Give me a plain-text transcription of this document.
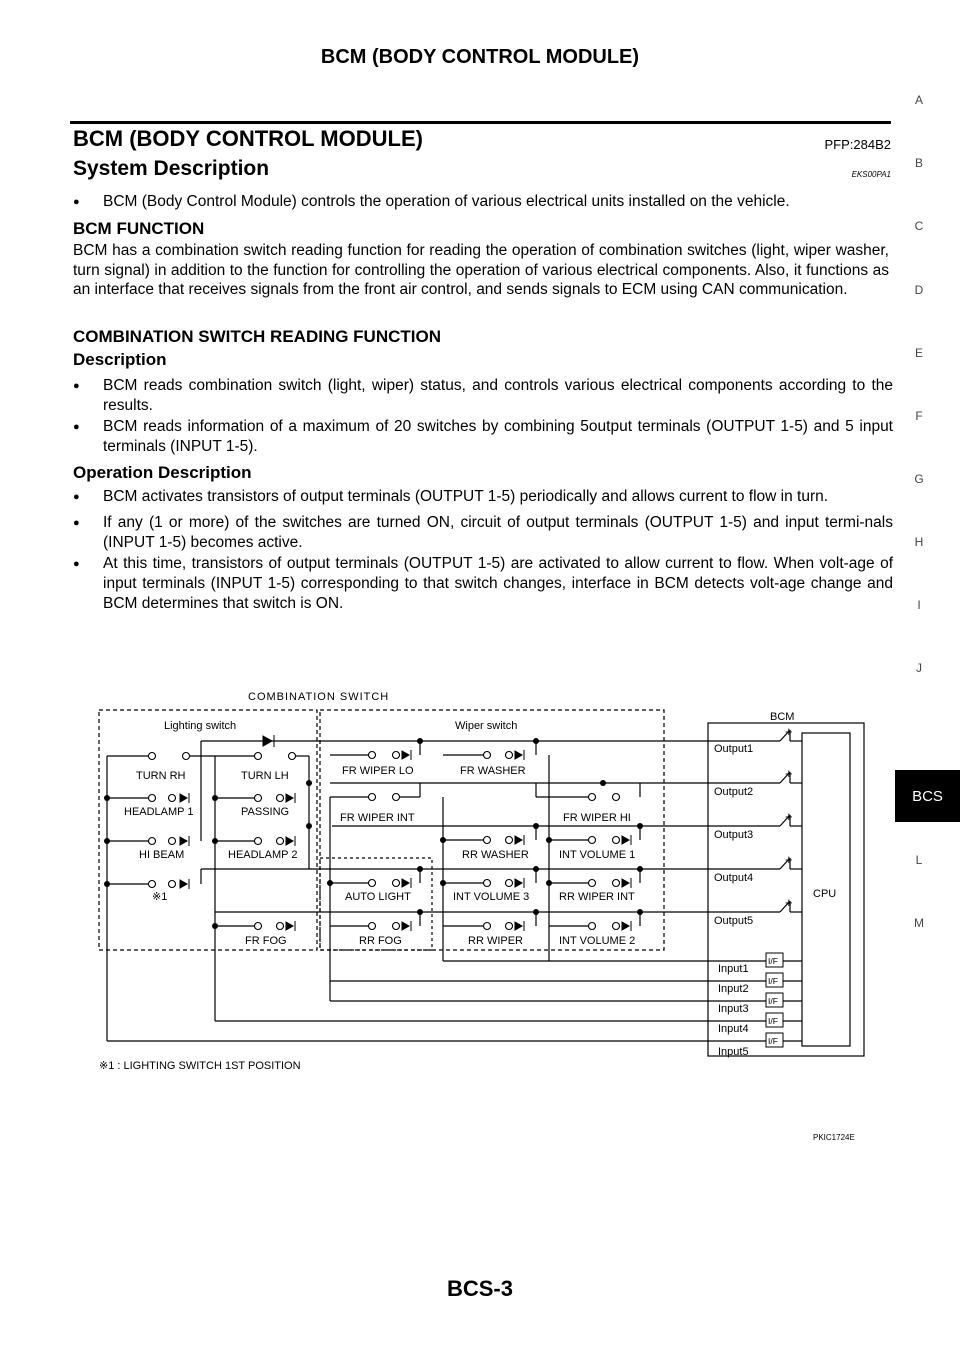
BCM (BODY CONTROL MODULE)
BCM (BODY CONTROL MODULE)	PFP:284B2
System Description	EKS00PA1
● BCM (Body Control Module) controls the operation of various electrical units installed on the vehicle.
BCM FUNCTION
BCM has a combination switch reading function for reading the operation of combination switches (light, wiper washer, turn signal) in addition to the function for controlling the operation of various electrical components. Also, it functions as an interface that receives signals from the front air control, and sends signals to ECM using CAN communication.
COMBINATION SWITCH READING FUNCTION
Description
● BCM reads combination switch (light, wiper) status, and controls various electrical components according to the results.
● BCM reads information of a maximum of 20 switches by combining 5output terminals (OUTPUT 1-5) and 5 input terminals (INPUT 1-5).
Operation Description
● BCM activates transistors of output terminals (OUTPUT 1-5) periodically and allows current to flow in turn.
● If any (1 or more) of the switches are turned ON, circuit of output terminals (OUTPUT 1-5) and input termi-nals (INPUT 1-5) becomes active.
● At this time, transistors of output terminals (OUTPUT 1-5) are activated to allow current to flow. When volt-age of input terminals (INPUT 1-5) corresponding to that switch changes, interface in BCM detects volt-age change and BCM determines that switch is ON.
A
B
C
D
E
F
G
H
I
J
BCS
L
M
COMBINATION SWITCH
Lighting switch	Wiper switch
BCM
CPU
Output1
Output2
Output3
Output4
Output5
Input1
Input2
Input3
Input4
Input5
TURN RH	TURN LH
HEADLAMP 1	PASSING
HI BEAM	HEADLAMP 2
※1
FR FOG
FR WIPER LO	FR WASHER
FR WIPER INT	FR WIPER HI
RR WASHER	INT VOLUME 1
AUTO LIGHT	INT VOLUME 3	RR WIPER INT
RR FOG	RR WIPER	INT VOLUME 2
※1 : LIGHTING SWITCH 1ST POSITION
I/F
I/F
I/F
I/F
I/F
+
+
+
+
+
PKIC1724E
BCS-3
